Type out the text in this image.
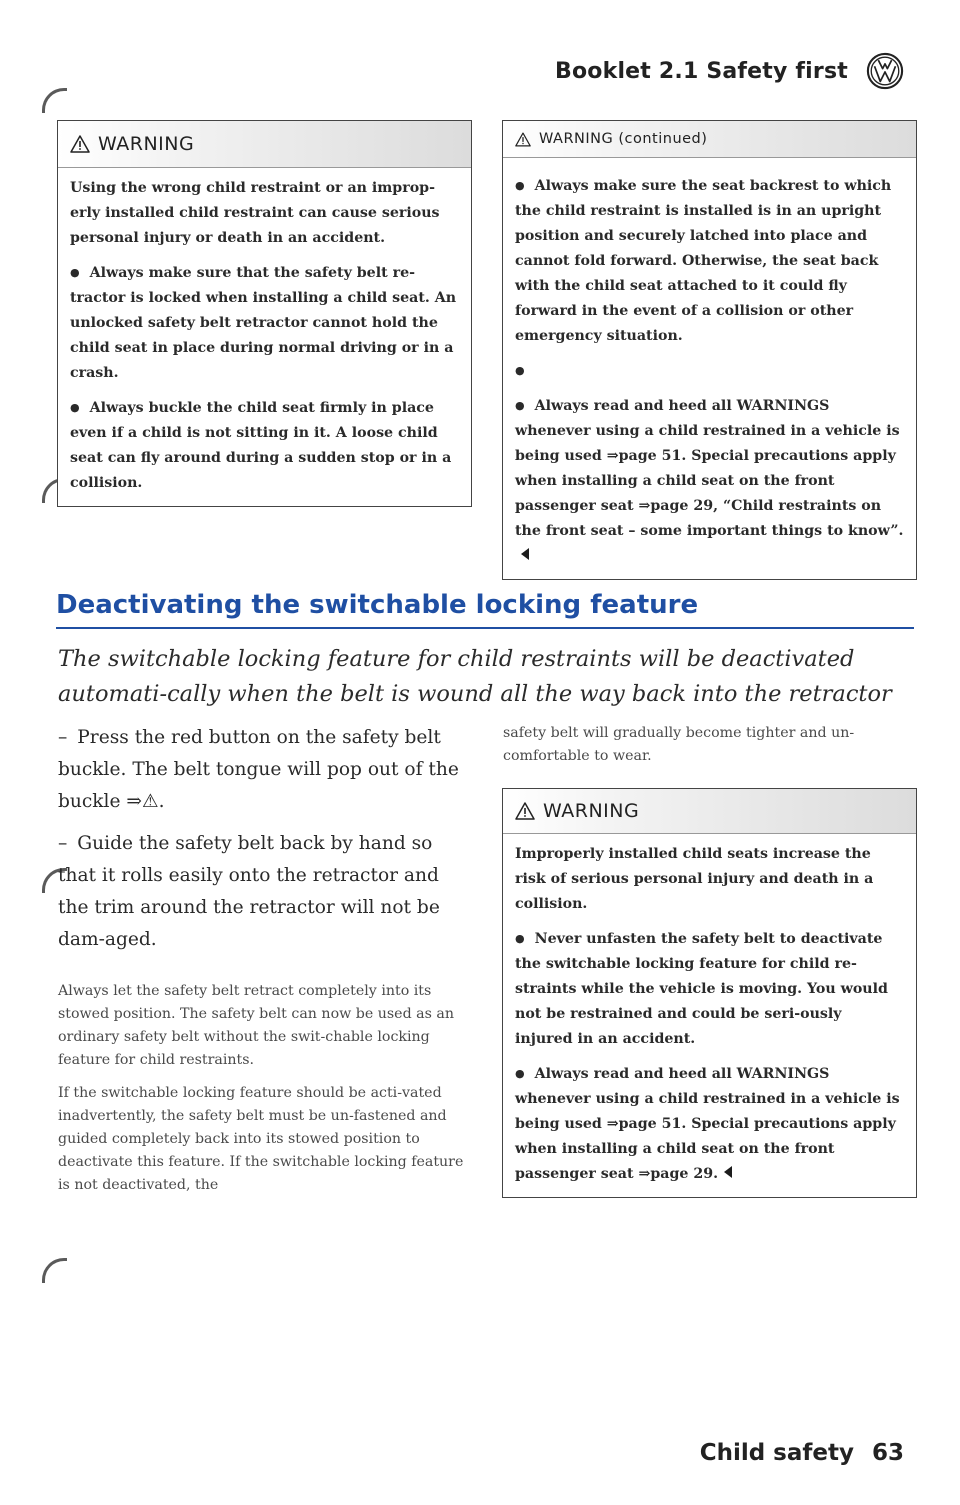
Booklet 2.1 Safety first
WARNING

Using the wrong child restraint or an improp-erly installed child restraint can cause serious personal injury or death in an accident.

● Always make sure that the safety belt re-tractor is locked when installing a child seat. An unlocked safety belt retractor cannot hold the child seat in place during normal driving or in a crash.

● Always buckle the child seat firmly in place even if a child is not sitting in it. A loose child seat can fly around during a sudden stop or in a collision.

WARNING (continued)

● Always make sure the seat backrest to which the child restraint is installed is in an upright position and securely latched into place and cannot fold forward. Otherwise, the seat back with the child seat attached to it could fly forward in the event of a collision or other emergency situation.

●

● Always read and heed all WARNINGS whenever using a child restrained in a vehicle is being used ⇒page 51. Special precautions apply when installing a child seat on the front passenger seat ⇒page 29, “Child restraints on the front seat – some important things to know”.

Deactivating the switchable locking feature

The switchable locking feature for child restraints will be deactivated automati-cally when the belt is wound all the way back into the retractor

– Press the red button on the safety belt buckle. The belt tongue will pop out of the buckle ⇒⚠.

– Guide the safety belt back by hand so that it rolls easily onto the retractor and the trim around the retractor will not be dam-aged.

Always let the safety belt retract completely into its stowed position. The safety belt can now be used as an ordinary safety belt without the swit-chable locking feature for child restraints.

If the switchable locking feature should be acti-vated inadvertently, the safety belt must be un-fastened and guided completely back into its stowed position to deactivate this feature. If the switchable locking feature is not deactivated, the

safety belt will gradually become tighter and un-comfortable to wear.

WARNING

Improperly installed child seats increase the risk of serious personal injury and death in a collision.

● Never unfasten the safety belt to deactivate the switchable locking feature for child re-straints while the vehicle is moving. You would not be restrained and could be seri-ously injured in an accident.

● Always read and heed all WARNINGS whenever using a child restrained in a vehicle is being used ⇒page 51. Special precautions apply when installing a child seat on the front passenger seat ⇒page 29.

Child safety 63
